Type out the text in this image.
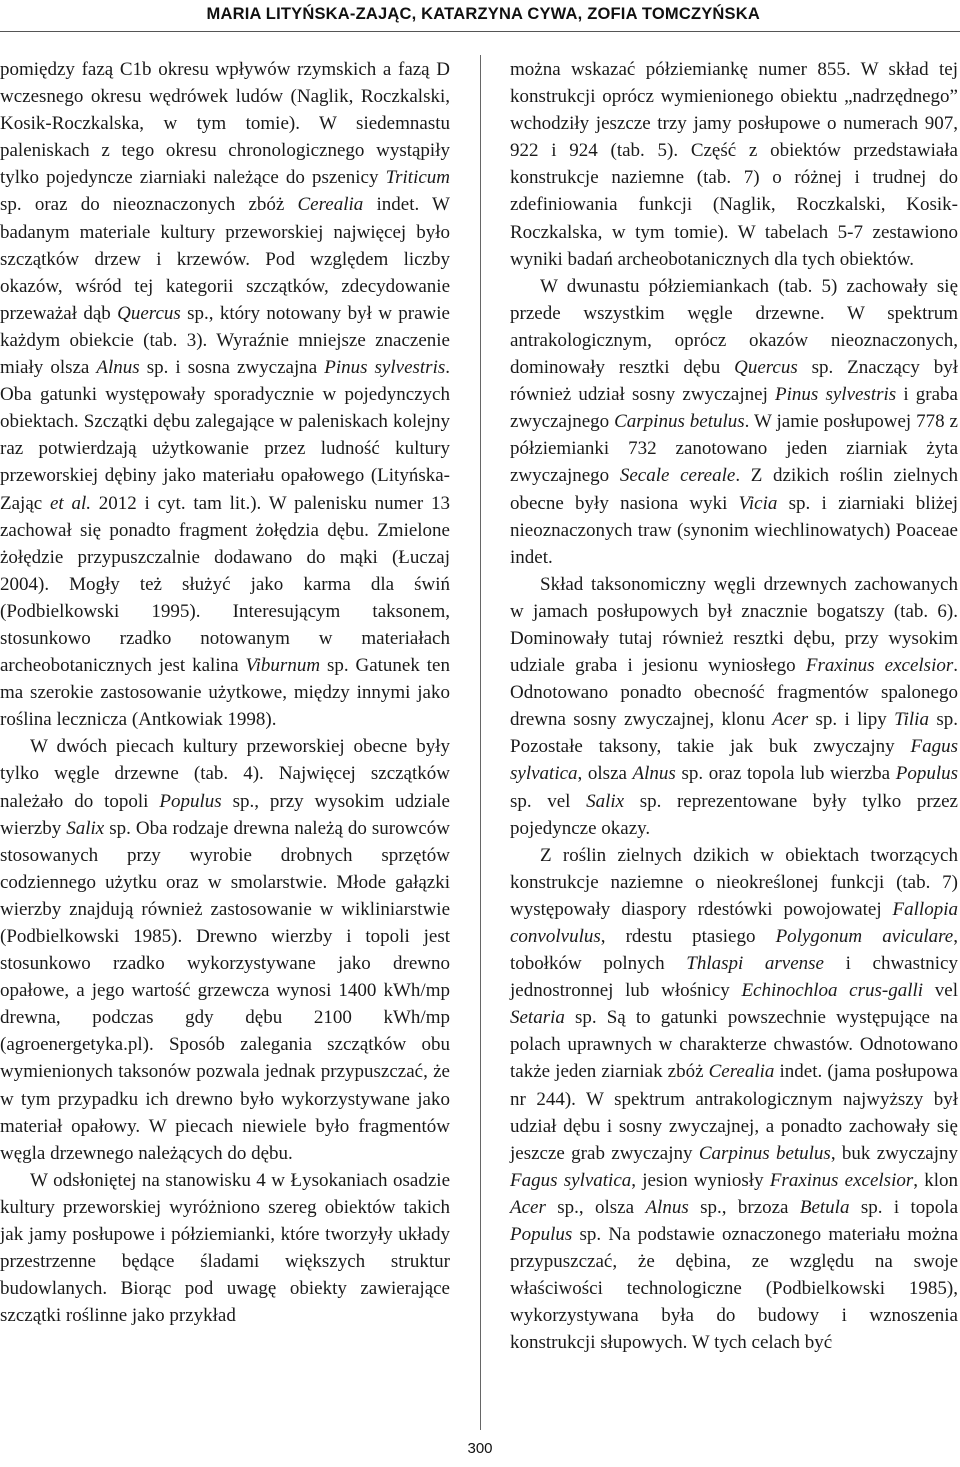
MARIA LITYŃSKA-ZAJĄC, KATARZYNA CYWA, ZOFIA TOMCZYŃSKA

pomiędzy fazą C1b okresu wpływów rzymskich a fazą D wczesnego okresu wędrówek ludów (Naglik, Roczkalski, Kosik-Roczkalska, w tym tomie). W siedemnastu paleniskach z tego okresu chronologicznego wystąpiły tylko pojedyncze ziarniaki należące do pszenicy Triticum sp. oraz do nieoznaczonych zbóż Cerealia indet. W badanym materiale kultury przeworskiej najwięcej było szczątków drzew i krzewów. Pod względem liczby okazów, wśród tej kategorii szczątków, zdecydowanie przeważał dąb Quercus sp., który notowany był w prawie każdym obiekcie (tab. 3). Wyraźnie mniejsze znaczenie miały olsza Alnus sp. i sosna zwyczajna Pinus sylvestris. Oba gatunki występowały sporadycznie w pojedynczych obiektach. Szczątki dębu zalegające w paleniskach kolejny raz potwierdzają użytkowanie przez ludność kultury przeworskiej dębiny jako materiału opałowego (Lityńska-Zając et al. 2012 i cyt. tam lit.). W palenisku numer 13 zachował się ponadto fragment żołędzia dębu. Zmielone żołędzie przypuszczalnie dodawano do mąki (Łuczaj 2004). Mogły też służyć jako karma dla świń (Podbielkowski 1995). Interesującym taksonem, stosunkowo rzadko notowanym w materiałach archeobotanicznych jest kalina Viburnum sp. Gatunek ten ma szerokie zastosowanie użytkowe, między innymi jako roślina lecznicza (Antkowiak 1998).

W dwóch piecach kultury przeworskiej obecne były tylko węgle drzewne (tab. 4). Najwięcej szczątków należało do topoli Populus sp., przy wysokim udziale wierzby Salix sp. Oba rodzaje drewna należą do surowców stosowanych przy wyrobie drobnych sprzętów codziennego użytku oraz w smolarstwie. Młode gałązki wierzby znajdują również zastosowanie w wikliniarstwie (Podbielkowski 1985). Drewno wierzby i topoli jest stosunkowo rzadko wykorzystywane jako drewno opałowe, a jego wartość grzewcza wynosi 1400 kWh/mp drewna, podczas gdy dębu 2100 kWh/mp (agroenergetyka.pl). Sposób zalegania szczątków obu wymienionych taksonów pozwala jednak przypuszczać, że w tym przypadku ich drewno było wykorzystywane jako materiał opałowy. W piecach niewiele było fragmentów węgla drzewnego należących do dębu.

W odsłoniętej na stanowisku 4 w Łysokaniach osadzie kultury przeworskiej wyróżniono szereg obiektów takich jak jamy posłupowe i półziemianki, które tworzyły układy przestrzenne będące śladami większych struktur budowlanych. Biorąc pod uwagę obiekty zawierające szczątki roślinne jako przykład

można wskazać półziemiankę numer 855. W skład tej konstrukcji oprócz wymienionego obiektu „nadrzędnego” wchodziły jeszcze trzy jamy posłupowe o numerach 907, 922 i 924 (tab. 5). Część z obiektów przedstawiała konstrukcje naziemne (tab. 7) o różnej i trudnej do zdefiniowania funkcji (Naglik, Roczkalski, Kosik-Roczkalska, w tym tomie). W tabelach 5-7 zestawiono wyniki badań archeobotanicznych dla tych obiektów.

W dwunastu półziemiankach (tab. 5) zachowały się przede wszystkim węgle drzewne. W spektrum antrakologicznym, oprócz okazów nieoznaczonych, dominowały resztki dębu Quercus sp. Znaczący był również udział sosny zwyczajnej Pinus sylvestris i graba zwyczajnego Carpinus betulus. W jamie posłupowej 778 z półziemianki 732 zanotowano jeden ziarniak żyta zwyczajnego Secale cereale. Z dzikich roślin zielnych obecne były nasiona wyki Vicia sp. i ziarniaki bliżej nieoznaczonych traw (synonim wiechlinowatych) Poaceae indet.

Skład taksonomiczny węgli drzewnych zachowanych w jamach posłupowych był znacznie bogatszy (tab. 6). Dominowały tutaj również resztki dębu, przy wysokim udziale graba i jesionu wyniosłego Fraxinus excelsior. Odnotowano ponadto obecność fragmentów spalonego drewna sosny zwyczajnej, klonu Acer sp. i lipy Tilia sp. Pozostałe taksony, takie jak buk zwyczajny Fagus sylvatica, olsza Alnus sp. oraz topola lub wierzba Populus sp. vel Salix sp. reprezentowane były tylko przez pojedyncze okazy.

Z roślin zielnych dzikich w obiektach tworzących konstrukcje naziemne o nieokreślonej funkcji (tab. 7) występowały diaspory rdestówki powojowatej Fallopia convolvulus, rdestu ptasiego Polygonum aviculare, tobołków polnych Thlaspi arvense i chwastnicy jednostronnej lub włośnicy Echinochloa crus-galli vel Setaria sp. Są to gatunki powszechnie występujące na polach uprawnych w charakterze chwastów. Odnotowano także jeden ziarniak zbóż Cerealia indet. (jama posłupowa nr 244). W spektrum antrakologicznym najwyższy był udział dębu i sosny zwyczajnej, a ponadto zachowały się jeszcze grab zwyczajny Carpinus betulus, buk zwyczajny Fagus sylvatica, jesion wyniosły Fraxinus excelsior, klon Acer sp., olsza Alnus sp., brzoza Betula sp. i topola Populus sp. Na podstawie oznaczonego materiału można przypuszczać, że dębina, ze względu na swoje właściwości technologiczne (Podbielkowski 1985), wykorzystywana była do budowy i wznoszenia konstrukcji słupowych. W tych celach być

300
